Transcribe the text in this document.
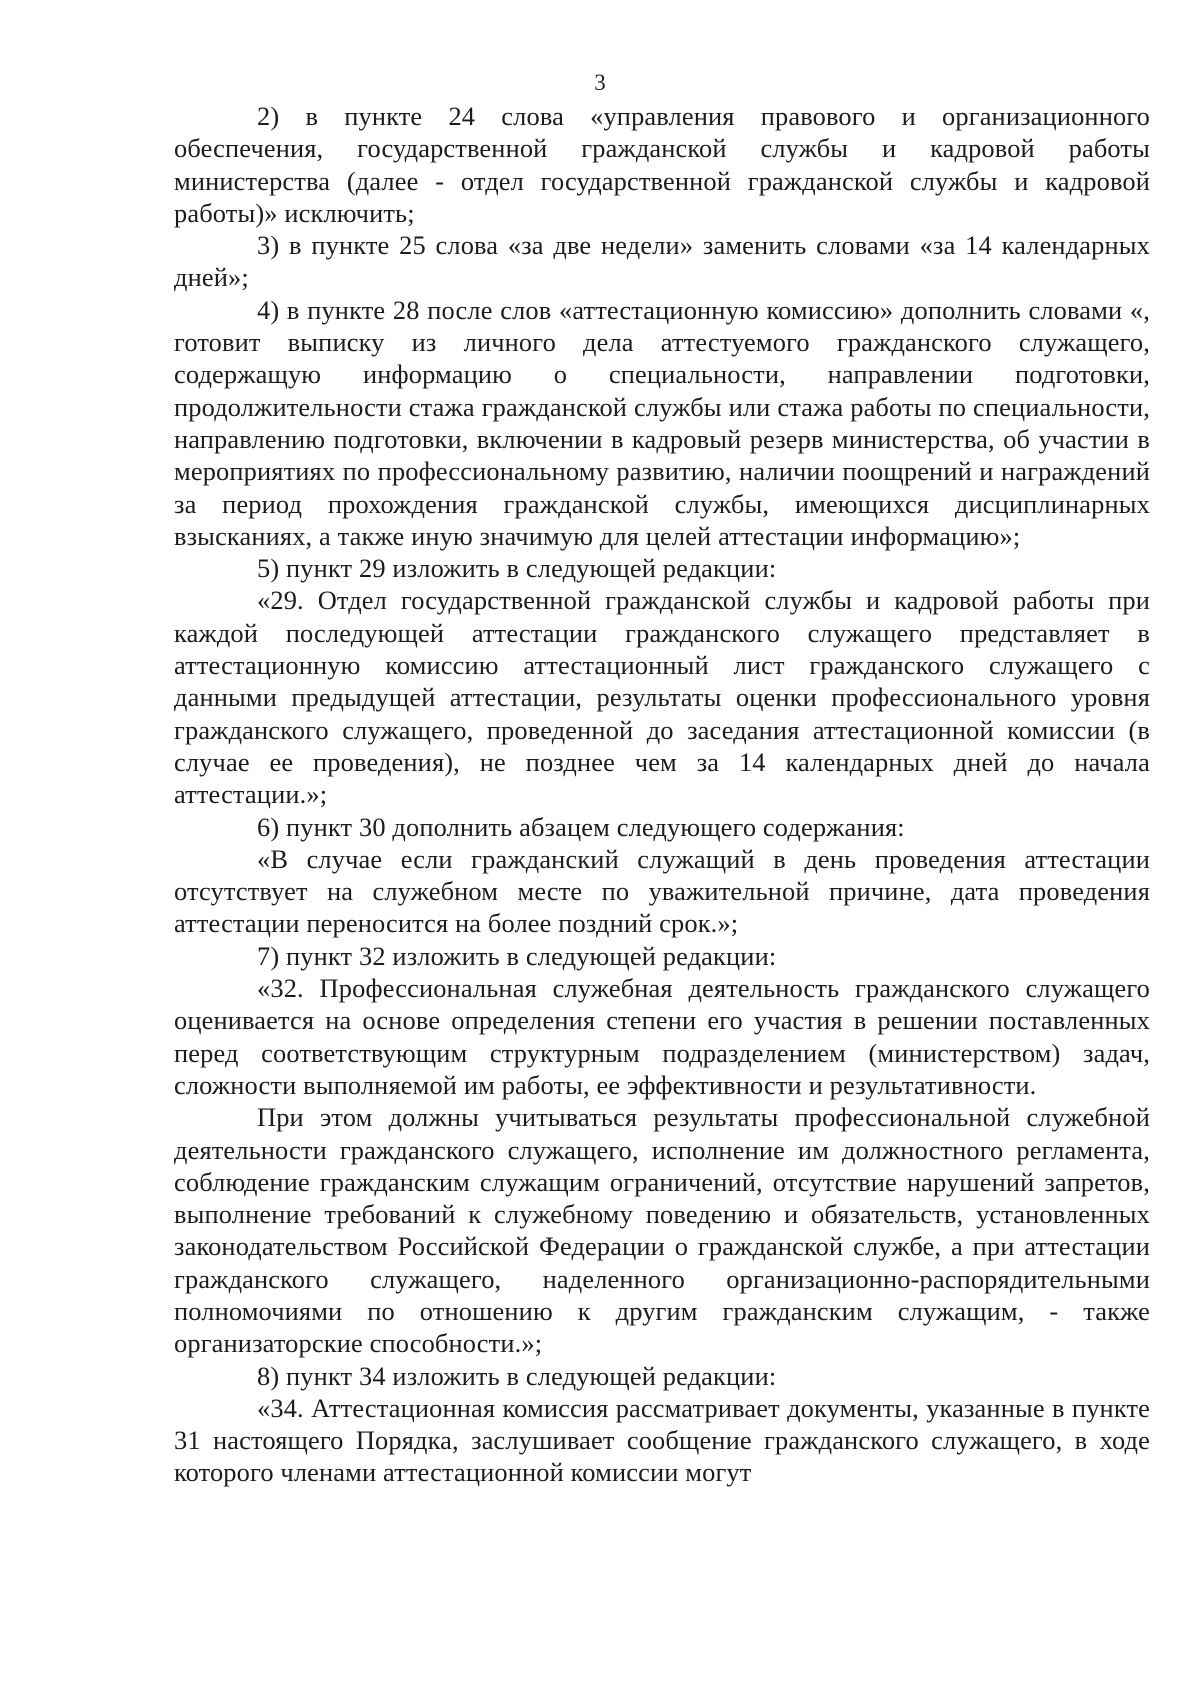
3

2) в пункте 24 слова «управления правового и организационного обеспечения, государственной гражданской службы и кадровой работы министерства (далее - отдел государственной гражданской службы и кадровой работы)» исключить;

3) в пункте 25 слова «за две недели» заменить словами «за 14 календарных дней»;

4) в пункте 28 после слов «аттестационную комиссию» дополнить словами «, готовит выписку из личного дела аттестуемого гражданского служащего, содержащую информацию о специальности, направлении подготовки, продолжительности стажа гражданской службы или стажа работы по специальности, направлению подготовки, включении в кадровый резерв министерства, об участии в мероприятиях по профессиональному развитию, наличии поощрений и награждений за период прохождения гражданской службы, имеющихся дисциплинарных взысканиях, а также иную значимую для целей аттестации информацию»;

5) пункт 29 изложить в следующей редакции:

«29. Отдел государственной гражданской службы и кадровой работы при каждой последующей аттестации гражданского служащего представляет в аттестационную комиссию аттестационный лист гражданского служащего с данными предыдущей аттестации, результаты оценки профессионального уровня гражданского служащего, проведенной до заседания аттестационной комиссии (в случае ее проведения), не позднее чем за 14 календарных дней до начала аттестации.»;

6) пункт 30 дополнить абзацем следующего содержания:

«В случае если гражданский служащий в день проведения аттестации отсутствует на служебном месте по уважительной причине, дата проведения аттестации переносится на более поздний срок.»;

7) пункт 32 изложить в следующей редакции:

«32. Профессиональная служебная деятельность гражданского служащего оценивается на основе определения степени его участия в решении поставленных перед соответствующим структурным подразделением (министерством) задач, сложности выполняемой им работы, ее эффективности и результативности.

При этом должны учитываться результаты профессиональной служебной деятельности гражданского служащего, исполнение им должностного регламента, соблюдение гражданским служащим ограничений, отсутствие нарушений запретов, выполнение требований к служебному поведению и обязательств, установленных законодательством Российской Федерации о гражданской службе, а при аттестации гражданского служащего, наделенного организационно-распорядительными полномочиями по отношению к другим гражданским служащим, - также организаторские способности.»;

8) пункт 34 изложить в следующей редакции:

«34. Аттестационная комиссия рассматривает документы, указанные в пункте 31 настоящего Порядка, заслушивает сообщение гражданского служащего, в ходе которого членами аттестационной комиссии могут
